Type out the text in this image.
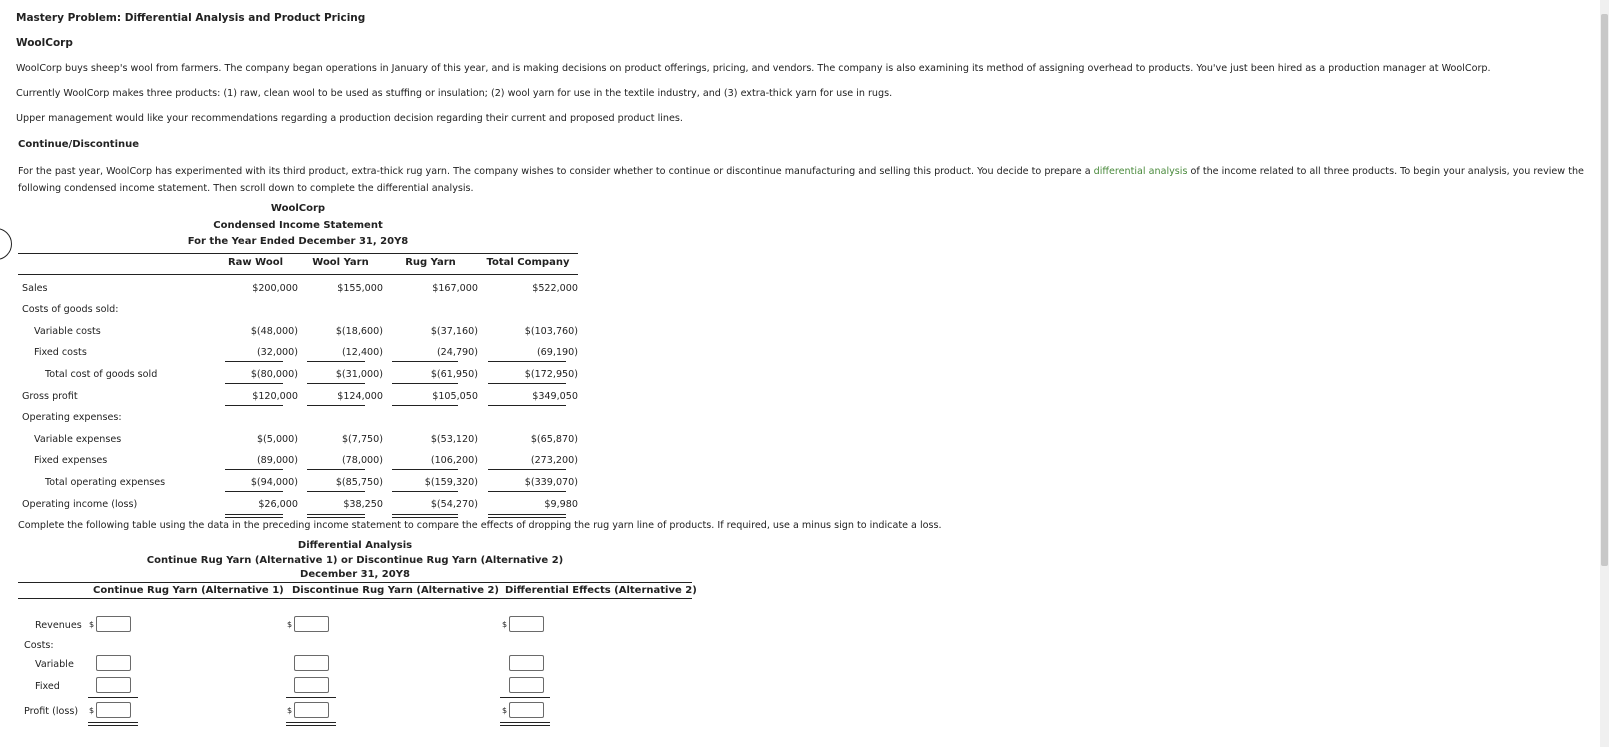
Mastery Problem: Differential Analysis and Product Pricing
WoolCorp
WoolCorp buys sheep's wool from farmers. The company began operations in January of this year, and is making decisions on product offerings, pricing, and vendors. The company is also examining its method of assigning overhead to products. You've just been hired as a production manager at WoolCorp.
Currently WoolCorp makes three products: (1) raw, clean wool to be used as stuffing or insulation; (2) wool yarn for use in the textile industry, and (3) extra-thick yarn for use in rugs.
Upper management would like your recommendations regarding a production decision regarding their current and proposed product lines.
Continue/Discontinue
For the past year, WoolCorp has experimented with its third product, extra-thick rug yarn. The company wishes to consider whether to continue or discontinue manufacturing and selling this product. You decide to prepare a differential analysis of the income related to all three products. To begin your analysis, you review the following condensed income statement. Then scroll down to complete the differential analysis.
WoolCorp
Condensed Income Statement
For the Year Ended December 31, 20Y8
Raw Wool	Wool Yarn	Rug Yarn	Total Company
Sales	$200,000	$155,000	$167,000	$522,000
Costs of goods sold:
Variable costs	$(48,000)	$(18,600)	$(37,160)	$(103,760)
Fixed costs	(32,000)	(12,400)	(24,790)	(69,190)
Total cost of goods sold	$(80,000)	$(31,000)	$(61,950)	$(172,950)
Gross profit	$120,000	$124,000	$105,050	$349,050
Operating expenses:
Variable expenses	$(5,000)	$(7,750)	$(53,120)	$(65,870)
Fixed expenses	(89,000)	(78,000)	(106,200)	(273,200)
Total operating expenses	$(94,000)	$(85,750)	$(159,320)	$(339,070)
Operating income (loss)	$26,000	$38,250	$(54,270)	$9,980
Complete the following table using the data in the preceding income statement to compare the effects of dropping the rug yarn line of products. If required, use a minus sign to indicate a loss.
Differential Analysis
Continue Rug Yarn (Alternative 1) or Discontinue Rug Yarn (Alternative 2)
December 31, 20Y8
Continue Rug Yarn (Alternative 1) Discontinue Rug Yarn (Alternative 2) Differential Effects (Alternative 2)
Revenues $	$	$
Costs:
Variable
Fixed
Profit (loss) $	$	$
